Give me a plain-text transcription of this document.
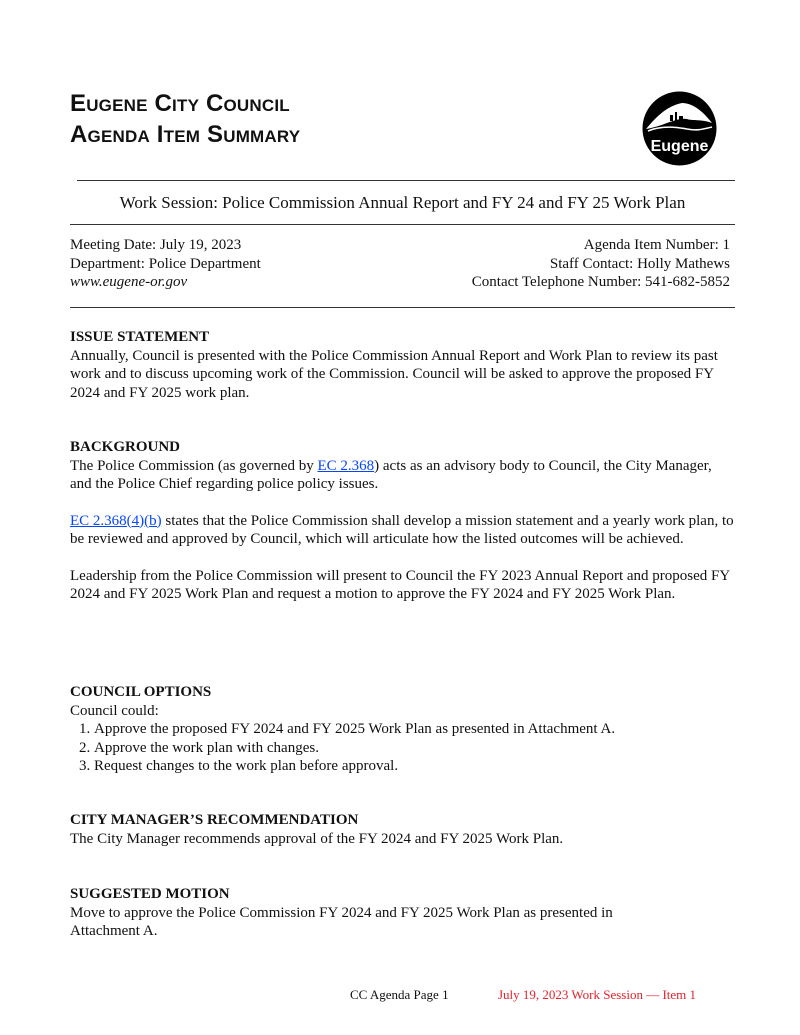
Eugene City Council
Agenda Item Summary	Eugene
Work Session: Police Commission Annual Report and FY 24 and FY 25 Work Plan
Meeting Date: July 19, 2023	Agenda Item Number: 1
Department: Police Department	Staff Contact: Holly Mathews
www.eugene-or.gov	Contact Telephone Number: 541-682-5852
ISSUE STATEMENT
Annually, Council is presented with the Police Commission Annual Report and Work Plan to review its past work and to discuss upcoming work of the Commission. Council will be asked to approve the proposed FY 2024 and FY 2025 work plan.
BACKGROUND
The Police Commission (as governed by EC 2.368) acts as an advisory body to Council, the City Manager, and the Police Chief regarding police policy issues.
EC 2.368(4)(b) states that the Police Commission shall develop a mission statement and a yearly work plan, to be reviewed and approved by Council, which will articulate how the listed outcomes will be achieved.
Leadership from the Police Commission will present to Council the FY 2023 Annual Report and proposed FY 2024 and FY 2025 Work Plan and request a motion to approve the FY 2024 and FY 2025 Work Plan.
COUNCIL OPTIONS
Council could:
1. Approve the proposed FY 2024 and FY 2025 Work Plan as presented in Attachment A.
2. Approve the work plan with changes.
3. Request changes to the work plan before approval.
CITY MANAGER’S RECOMMENDATION
The City Manager recommends approval of the FY 2024 and FY 2025 Work Plan.
SUGGESTED MOTION
Move to approve the Police Commission FY 2024 and FY 2025 Work Plan as presented in Attachment A.
CC Agenda Page 1	July 19, 2023 Work Session — Item 1
